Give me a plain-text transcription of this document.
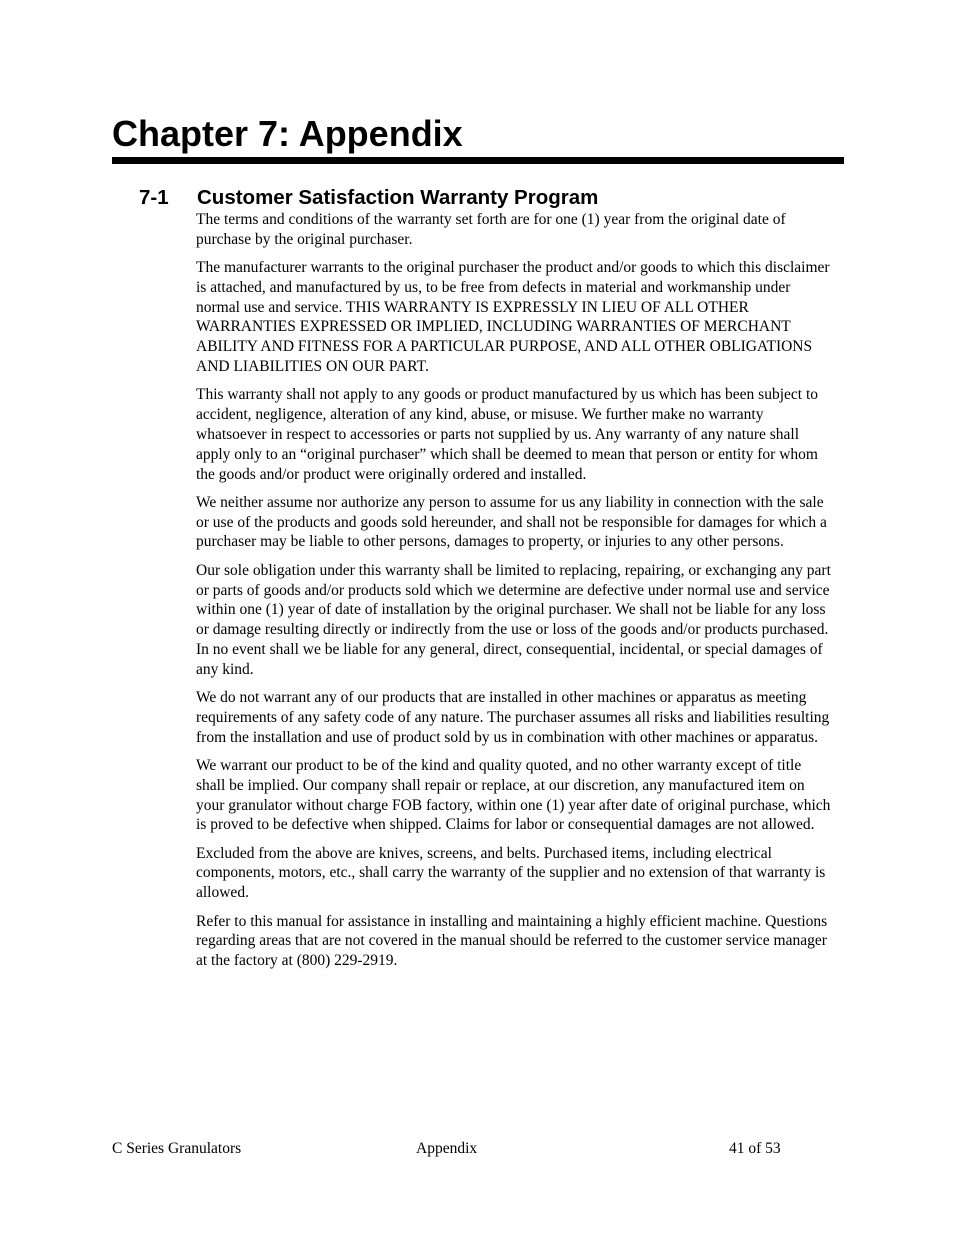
Chapter 7: Appendix
7-1 Customer Satisfaction Warranty Program

The terms and conditions of the warranty set forth are for one (1) year from the original date of purchase by the original purchaser.

The manufacturer warrants to the original purchaser the product and/or goods to which this disclaimer is attached, and manufactured by us, to be free from defects in material and workmanship under normal use and service. THIS WARRANTY IS EXPRESSLY IN LIEU OF ALL OTHER WARRANTIES EXPRESSED OR IMPLIED, INCLUDING WARRANTIES OF MERCHANT ABILITY AND FITNESS FOR A PARTICULAR PURPOSE, AND ALL OTHER OBLIGATIONS AND LIABILITIES ON OUR PART.

This warranty shall not apply to any goods or product manufactured by us which has been subject to accident, negligence, alteration of any kind, abuse, or misuse. We further make no warranty whatsoever in respect to accessories or parts not supplied by us. Any warranty of any nature shall apply only to an “original purchaser” which shall be deemed to mean that person or entity for whom the goods and/or product were originally ordered and installed.

We neither assume nor authorize any person to assume for us any liability in connection with the sale or use of the products and goods sold hereunder, and shall not be responsible for damages for which a purchaser may be liable to other persons, damages to property, or injuries to any other persons.

Our sole obligation under this warranty shall be limited to replacing, repairing, or exchanging any part or parts of goods and/or products sold which we determine are defective under normal use and service within one (1) year of date of installation by the original purchaser. We shall not be liable for any loss or damage resulting directly or indirectly from the use or loss of the goods and/or products purchased. In no event shall we be liable for any general, direct, consequential, incidental, or special damages of any kind.

We do not warrant any of our products that are installed in other machines or apparatus as meeting requirements of any safety code of any nature. The purchaser assumes all risks and liabilities resulting from the installation and use of product sold by us in combination with other machines or apparatus.

We warrant our product to be of the kind and quality quoted, and no other warranty except of title shall be implied. Our company shall repair or replace, at our discretion, any manufactured item on your granulator without charge FOB factory, within one (1) year after date of original purchase, which is proved to be defective when shipped. Claims for labor or consequential damages are not allowed.

Excluded from the above are knives, screens, and belts. Purchased items, including electrical components, motors, etc., shall carry the warranty of the supplier and no extension of that warranty is allowed.

Refer to this manual for assistance in installing and maintaining a highly efficient machine. Questions regarding areas that are not covered in the manual should be referred to the customer service manager at the factory at (800) 229-2919.

C Series Granulators	Appendix	41 of 53
